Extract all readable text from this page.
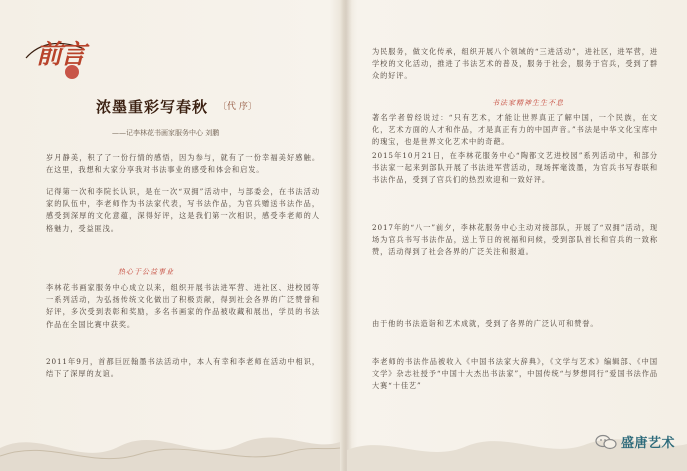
前言
浓墨重彩写春秋 〔代 序〕
——记李林花书画家服务中心 刘鹏
岁月静美，积了了一份行情的感悟，因为参与，就有了一份幸福美好感触。在这里，我想和大家分享我对书法事业的感受和体会和启发。
记得第一次和李院长认识，是在一次“双拥”活动中，与部委会，在书法活动家的队伍中，李老师作为书法家代表，写书法作品，为官兵赠送书法作品，感受到深厚的文化意蕴，深得好评，这是我们第一次相识，感受李老师的人格魅力，受益匪浅。
热心于公益事业
李林花书画家服务中心成立以来，组织开展书法进军营、进社区、进校园等一系列活动，为弘扬传统文化做出了积极贡献，得到社会各界的广泛赞誉和好评，多次受到表彰和奖励，多名书画家的作品被收藏和展出，学员的书法作品在全国比赛中获奖。
2011年9月，首都巨匠翰墨书法活动中，本人有幸和李老师在活动中相识，结下了深厚的友谊。
为民服务，做文化传承，组织开展八个领域的“三进活动”，进社区，进军营，进学校的文化活动，推进了书法艺术的普及，服务于社会，服务于官兵，受到了群众的好评。
书法家精神生生不息
著名学者曾经说过：“只有艺术，才能让世界真正了解中国，一个民族，在文化，艺术方面的人才和作品，才是真正有力的中国声音。”书法是中华文化宝库中的瑰宝，也是世界文化艺术中的奇葩。
2015年10月21日，在李林花服务中心“陶都文艺进校园”系列活动中，和部分书法家一起来到部队开展了书法进军营活动，现场挥毫泼墨，为官兵书写春联和书法作品，受到了官兵们的热烈欢迎和一致好评。
2017年的“八一”前夕，李林花服务中心主动对接部队，开展了“双拥”活动，现场为官兵书写书法作品，送上节日的祝福和问候，受到部队首长和官兵的一致称赞，活动得到了社会各界的广泛关注和报道。
由于他的书法造诣和艺术成就，受到了各界的广泛认可和赞誉。
李老师的书法作品被收入《中国书法家大辞典》，《文学与艺术》编辑部、《中国文学》杂志社授予“中国十大杰出书法家”，中国传统“与梦想同行”爱国书法作品大赛“十佳艺”
盛唐艺术
